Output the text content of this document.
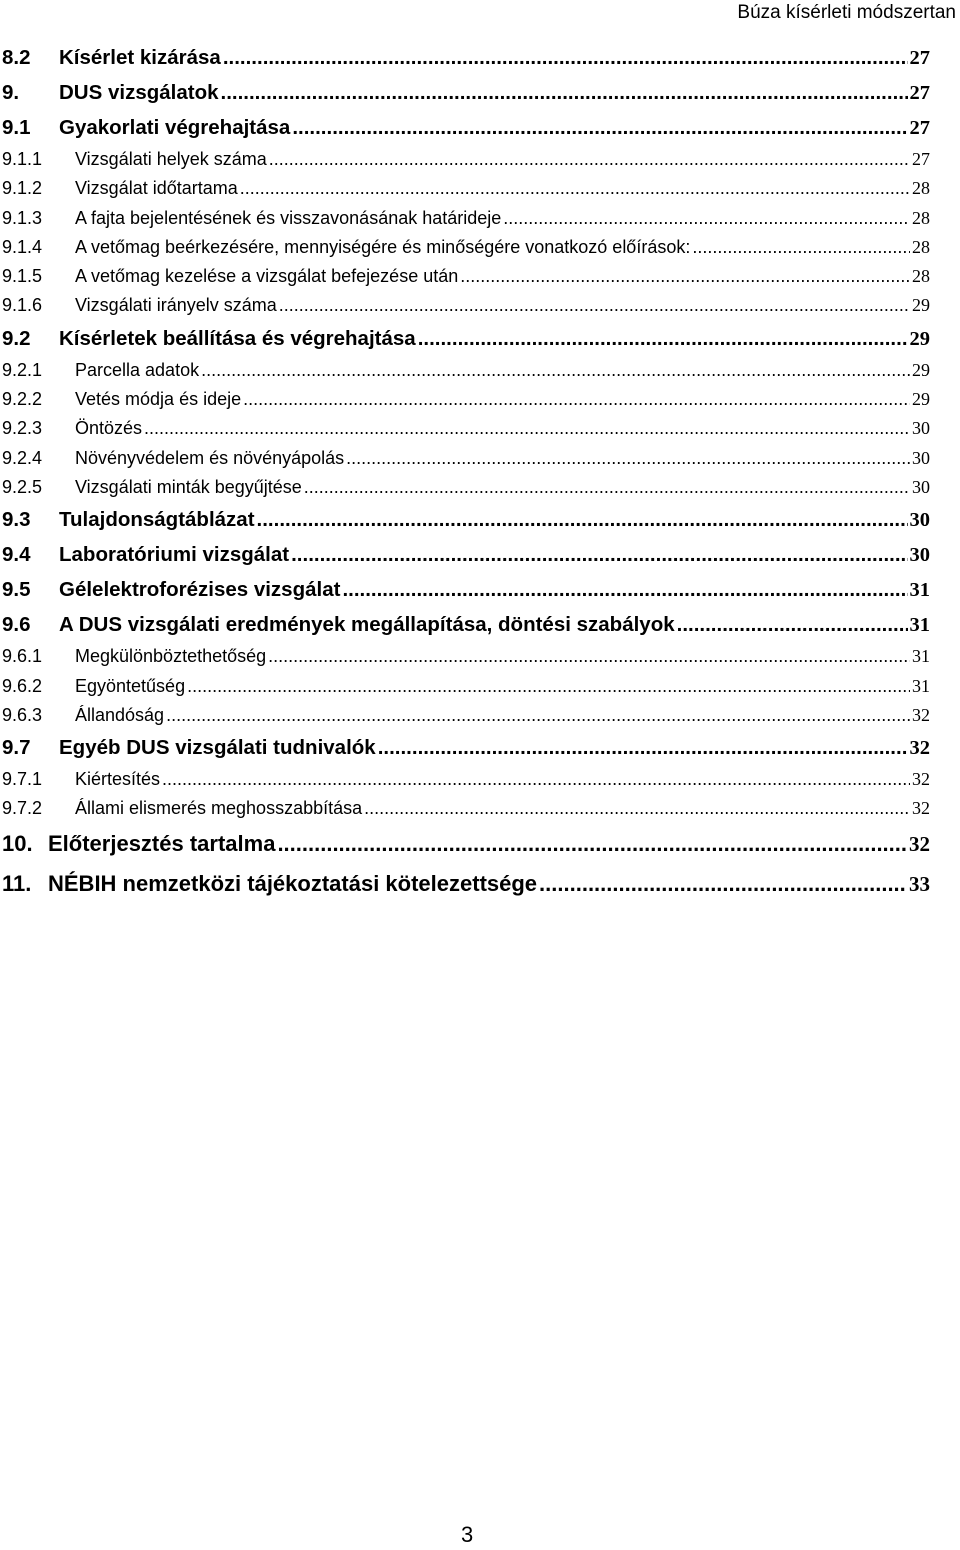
Búza kísérleti módszertan
8.2	Kísérlet kizárása .....	27
9.	DUS vizsgálatok .....	27
9.1	Gyakorlati végrehajtása .....	27
9.1.1	Vizsgálati helyek száma .....	27
9.1.2	Vizsgálat időtartama .....	28
9.1.3	A fajta bejelentésének és visszavonásának határideje .....	28
9.1.4	A vetőmag beérkezésére, mennyiségére és minőségére vonatkozó előírások: .....	28
9.1.5	A vetőmag kezelése a vizsgálat befejezése után .....	28
9.1.6	Vizsgálati irányelv száma .....	29
9.2	Kísérletek beállítása és végrehajtása .....	29
9.2.1	Parcella adatok .....	29
9.2.2	Vetés módja és ideje .....	29
9.2.3	Öntözés .....	30
9.2.4	Növényvédelem és növényápolás .....	30
9.2.5	Vizsgálati minták begyűjtése .....	30
9.3	Tulajdonságtáblázat .....	30
9.4	Laboratóriumi vizsgálat .....	30
9.5	Gélelektroforézises vizsgálat .....	31
9.6	A DUS vizsgálati eredmények megállapítása, döntési szabályok .....	31
9.6.1	Megkülönböztethetőség .....	31
9.6.2	Egyöntetűség .....	31
9.6.3	Állandóság .....	32
9.7	Egyéb DUS vizsgálati tudnivalók .....	32
9.7.1	Kiértesítés .....	32
9.7.2	Állami elismerés meghosszabbítása .....	32
10. Előterjesztés tartalma .....	32
11. NÉBIH nemzetközi tájékoztatási kötelezettsége .....	33
3
